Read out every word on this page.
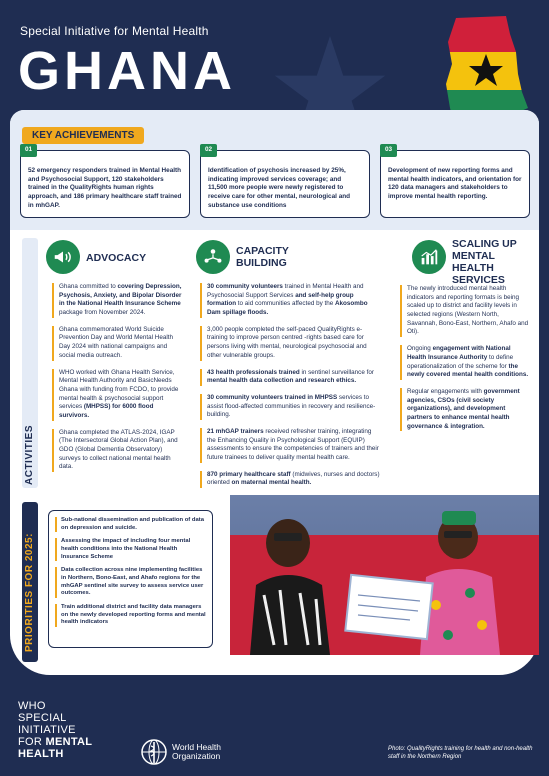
Special Initiative for Mental Health
GHANA
KEY ACHIEVEMENTS
01
52 emergency responders trained in Mental Health and Psychosocial Support, 120 stakeholders trained in the QualityRights human rights approach, and 186 primary healthcare staff trained in mhGAP.
02
Identification of psychosis increased by 25%, indicating improved services coverage; and 11,500 more people were newly registered to receive care for other mental, neurological and substance use conditions
03
Development of new reporting forms and mental health indicators, and orientation for 120 data managers and stakeholders to improve mental health reporting.
ACTIVITIES
ADVOCACY
Ghana committed to covering Depression, Psychosis, Anxiety, and Bipolar Disorder in the National Health Insurance Scheme package from November 2024.
Ghana commemorated World Suicide Prevention Day and World Mental Health Day 2024 with national campaigns and social media outreach.
WHO worked with Ghana Health Service, Mental Health Authority and BasicNeeds Ghana with funding from FCDO, to provide mental health & psychosocial support services (MHPSS) for 6000 flood survivors.
Ghana completed the ATLAS-2024, IGAP (The Intersectoral Global Action Plan), and GDO (Global Dementia Observatory) surveys to collect national mental health data.
CAPACITY
BUILDING
30 community volunteers trained in Mental Health and Psychosocial Support Services and self-help group formation to aid communities affected by the Akosombo Dam spillage floods.
3,000 people completed the self-paced QualityRights e-training to improve person centred -rights based care for persons living with mental, neurological psychosocial and other vulnerable groups.
43 health professionals trained in sentinel surveillance for mental health data collection and research ethics.
30 community volunteers trained in MHPSS services to assist flood-affected communities in recovery and resilience-building.
21 mhGAP trainers received refresher training, integrating the Enhancing Quality in Psychological Support (EQUIP) assessments to ensure the competencies of trainers and their future trainees to deliver quality mental health care.
870 primary healthcare staff (midwives, nurses and doctors) oriented on maternal mental health.
SCALING UP
MENTAL HEALTH
SERVICES
The newly introduced mental health indicators and reporting formats is being scaled up to district and facility levels in selected regions (Western North, Savannah, Bono-East, Northern, Ahafo and Oti).
Ongoing engagement with National Health Insurance Authority to define operationalization of the scheme for the newly covered mental health conditions.
Regular engagements with government agencies, CSOs (civil society organizations), and development partners to enhance mental health governance & integration.
PRIORITIES FOR 2025:
Sub-national dissemination and publication of data on depression and suicide.
Assessing the impact of including four mental health conditions into the National Health Insurance Scheme
Data collection across nine implementing facilities in Northern, Bono-East, and Ahafo regions for the mhGAP sentinel site survey to assess service user outcomes.
Train additional district and facility data managers on the newly developed reporting forms and mental health indicators
WHO
SPECIAL
INITIATIVE
FOR MENTAL
HEALTH
World Health
Organization
Photo: QualityRights training for health and non-health staff in the Northern Region
